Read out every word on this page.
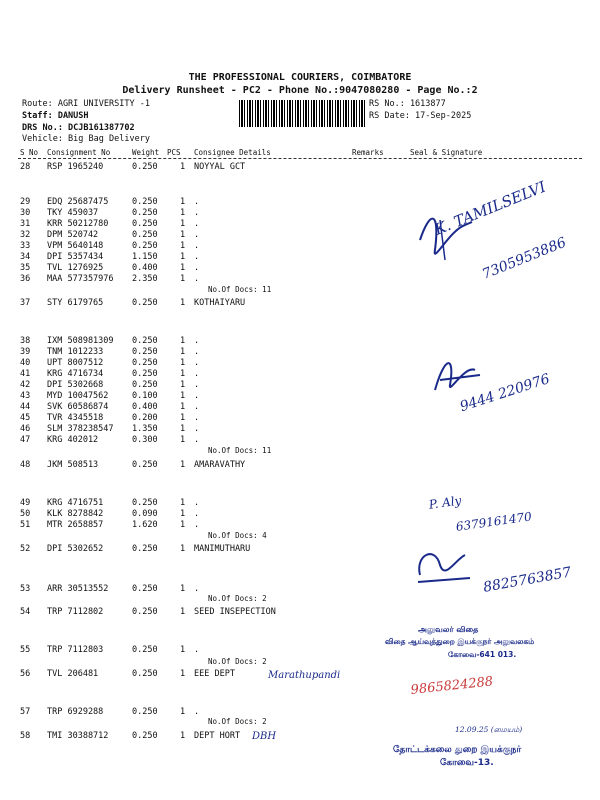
THE PROFESSIONAL COURIERS, COIMBATORE
Delivery Runsheet - PC2 - Phone No.:9047080280 - Page No.:2
Route: AGRI UNIVERSITY -1
Staff: DANUSH
DRS No.: DCJB161387702
Vehicle: Big Bag Delivery
RS No.: 1613877
RS Date: 17-Sep-2025
S No Consignment No	Weight PCS Consignee Details	Remarks	Seal & Signature
28 RSP 1965240	0.250	1 NOYYAL GCT
29 EDQ 25687475	0.250	1 .
30 TKY 459037	0.250	1 .
31 KRR 50212780	0.250	1 .
32 DPM 520742	0.250	1 .
33 VPM 5640148	0.250	1 .
34 DPI 5357434	1.150	1 .
35 TVL 1276925	0.400	1 .
36 MAA 577357976 2.350	1 .
37 STY 6179765	0.250	1 KOTHAIYARU
38 IXM 508981309 0.250	1 .
39 TNM 1012233	0.250	1 .
40 UPT 8007512	0.250	1 .
41 KRG 4716734	0.250	1 .
42 DPI 5302668	0.250	1 .
43 MYD 10047562	0.100	1 .
44 SVK 60586874	0.400	1 .
45 TVR 4345518	0.200	1 .
46 SLM 378238547 1.350	1 .
47 KRG 402012	0.300	1 .
48 JKM 508513	0.250	1 AMARAVATHY
49 KRG 4716751	0.250	1 .
50 KLK 8278842	0.090	1 .
51 MTR 2658857	1.620	1 .
52 DPI 5302652	0.250	1 MANIMUTHARU
53 ARR 30513552	0.250	1 .
54 TRP 7112802	0.250	1 SEED INSEPECTION
55 TRP 7112803	0.250	1 .
56 TVL 206481	0.250	1 EEE DEPT
57 TRP 6929288	0.250	1 .
58 TMI 30388712	0.250	1 DEPT HORT
No.Of Docs: 11
No.Of Docs: 11
No.Of Docs: 4
No.Of Docs: 2
No.Of Docs: 2
No.Of Docs: 2
K. TAMILSELVI
7305953886
9444 220976
P. Aly
6379161470
8825763857
அலுவலர் விதை
விதை ஆய்வுத்துறை இயக்குநர் அலுவலகம்
கோவை-641 013.
Marathupandi	9865824288
DBH
12.09.25 (மையம்)
தோட்டக்கலை துறை இயக்குநர்
கோவை-13.
